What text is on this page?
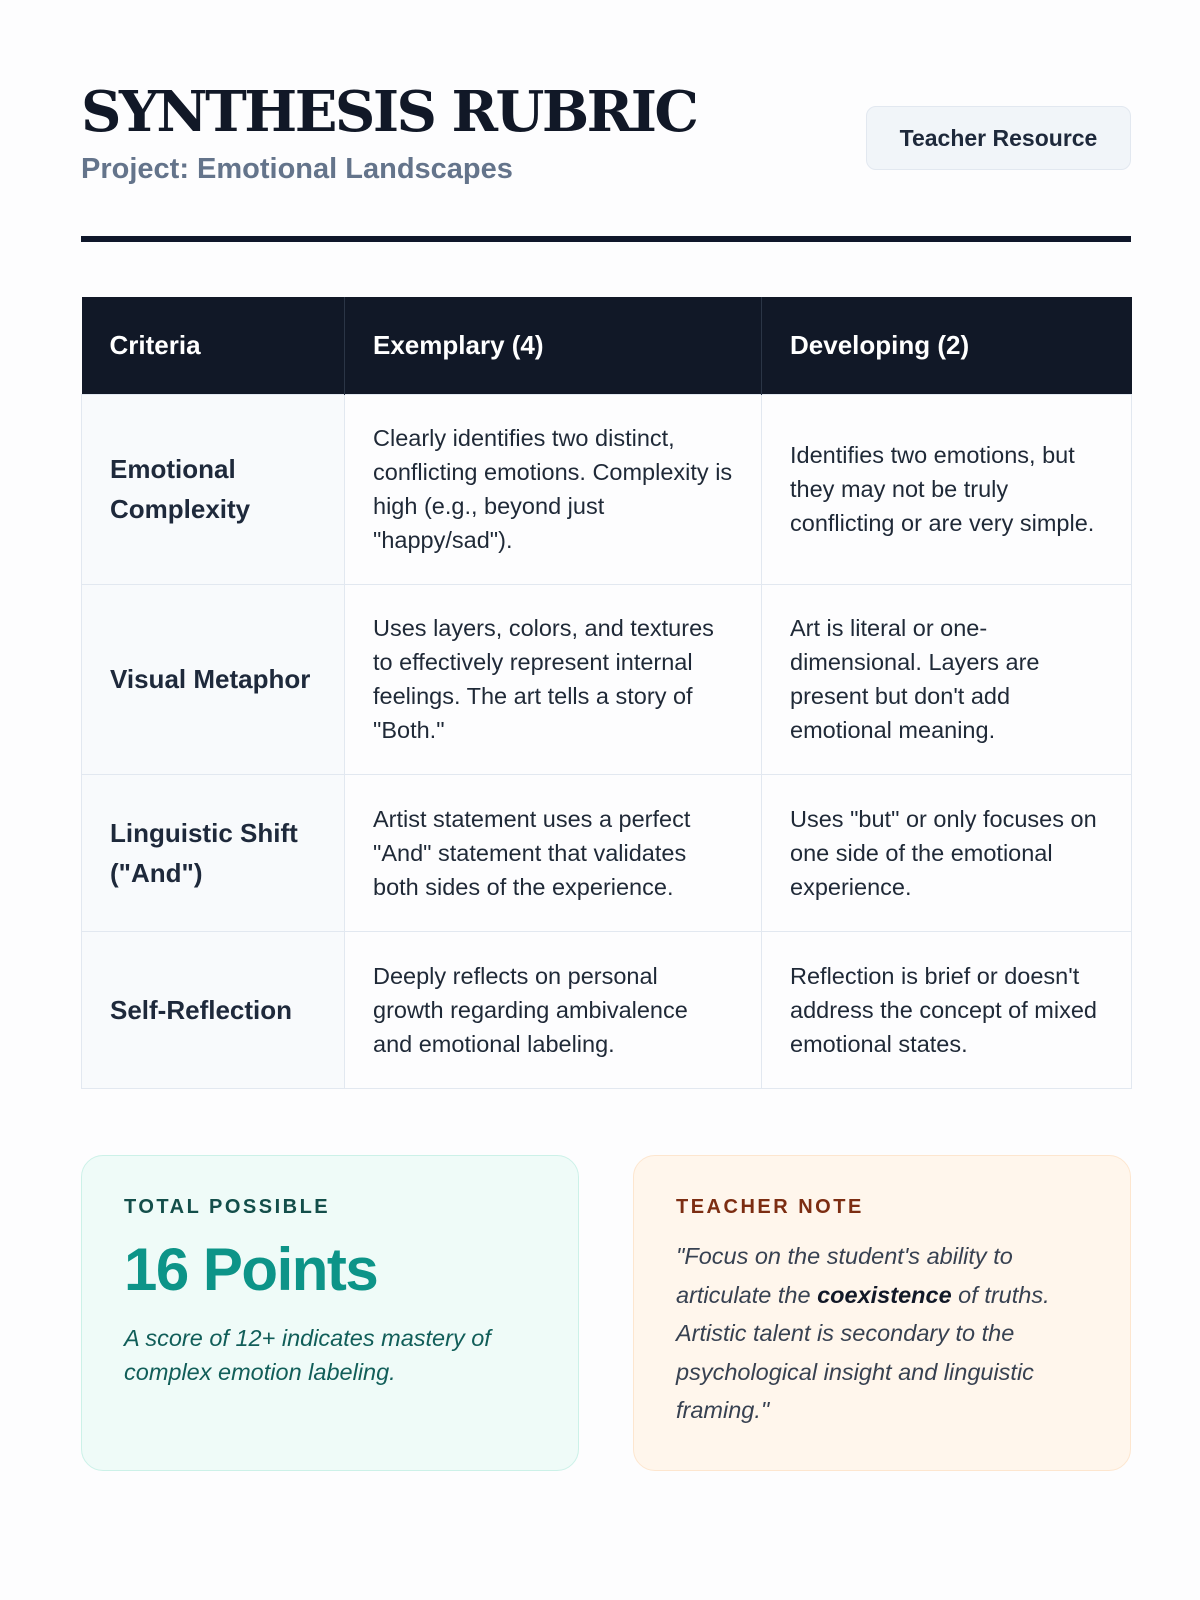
SYNTHESIS RUBRIC
Project: Emotional Landscapes
Teacher Resource
Criteria	Exemplary (4)	Developing (2)
Emotional Complexity	Clearly identifies two distinct, conflicting emotions. Complexity is high (e.g., beyond just "happy/sad").	Identifies two emotions, but they may not be truly conflicting or are very simple.
Visual Metaphor	Uses layers, colors, and textures to effectively represent internal feelings. The art tells a story of "Both."	Art is literal or one-dimensional. Layers are present but don't add emotional meaning.
Linguistic Shift ("And")	Artist statement uses a perfect "And" statement that validates both sides of the experience.	Uses "but" or only focuses on one side of the emotional experience.
Self-Reflection	Deeply reflects on personal growth regarding ambivalence and emotional labeling.	Reflection is brief or doesn't address the concept of mixed emotional states.
TOTAL POSSIBLE
16 Points
A score of 12+ indicates mastery of complex emotion labeling.
TEACHER NOTE
"Focus on the student's ability to articulate the coexistence of truths. Artistic talent is secondary to the psychological insight and linguistic framing."
